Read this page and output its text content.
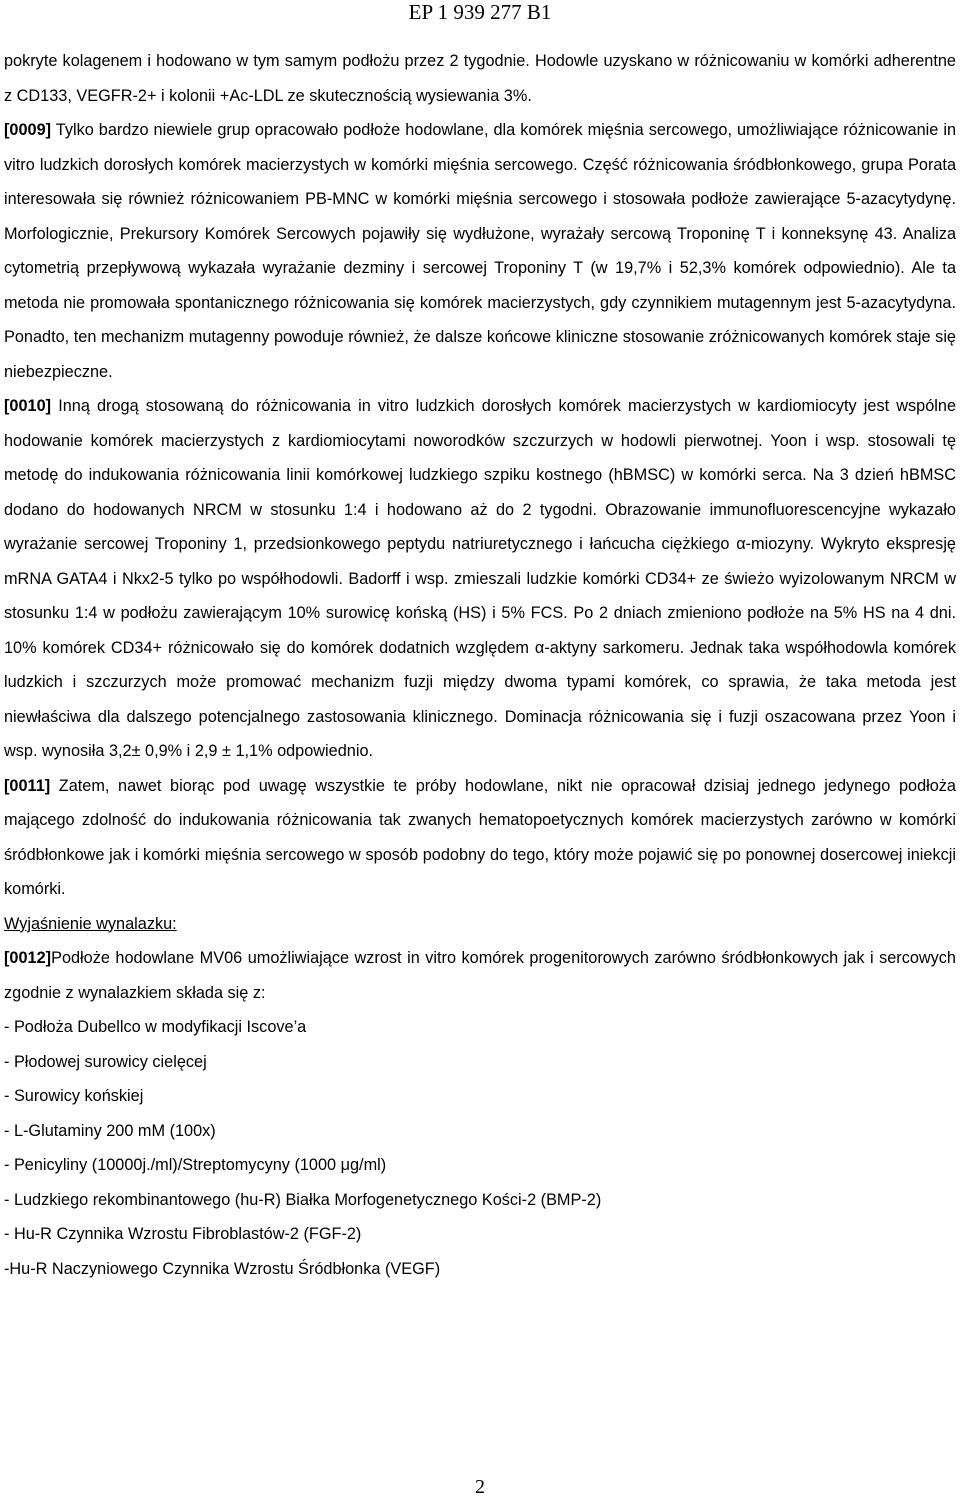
EP 1 939 277 B1

pokryte kolagenem i hodowano w tym samym podłożu przez 2 tygodnie. Hodowle uzyskano w różnicowaniu w komórki adherentne z CD133, VEGFR-2+ i kolonii +Ac-LDL ze skutecznością wysiewania 3%.

[0009] Tylko bardzo niewiele grup opracowało podłoże hodowlane, dla komórek mięśnia sercowego, umożliwiające różnicowanie in vitro ludzkich dorosłych komórek macierzystych w komórki mięśnia sercowego. Część różnicowania śródbłonkowego, grupa Porata interesowała się również różnicowaniem PB-MNC w komórki mięśnia sercowego i stosowała podłoże zawierające 5-azacytydynę. Morfologicznie, Prekursory Komórek Sercowych pojawiły się wydłużone, wyrażały sercową Troponinę T i konneksynę 43. Analiza cytometrią przepływową wykazała wyrażanie dezminy i sercowej Troponiny T (w 19,7% i 52,3% komórek odpowiednio). Ale ta metoda nie promowała spontanicznego różnicowania się komórek macierzystych, gdy czynnikiem mutagennym jest 5-azacytydyna. Ponadto, ten mechanizm mutagenny powoduje również, że dalsze końcowe kliniczne stosowanie zróżnicowanych komórek staje się niebezpieczne.

[0010] Inną drogą stosowaną do różnicowania in vitro ludzkich dorosłych komórek macierzystych w kardiomiocyty jest wspólne hodowanie komórek macierzystych z kardiomiocytami noworodków szczurzych w hodowli pierwotnej. Yoon i wsp. stosowali tę metodę do indukowania różnicowania linii komórkowej ludzkiego szpiku kostnego (hBMSC) w komórki serca. Na 3 dzień hBMSC dodano do hodowanych NRCM w stosunku 1:4 i hodowano aż do 2 tygodni. Obrazowanie immunofluorescencyjne wykazało wyrażanie sercowej Troponiny 1, przedsionkowego peptydu natriuretycznego i łańcucha ciężkiego α-miozyny. Wykryto ekspresję mRNA GATA4 i Nkx2-5 tylko po współhodowli. Badorff i wsp. zmieszali ludzkie komórki CD34+ ze świeżo wyizolowanym NRCM w stosunku 1:4 w podłożu zawierającym 10% surowicę końską (HS) i 5% FCS. Po 2 dniach zmieniono podłoże na 5% HS na 4 dni. 10% komórek CD34+ różnicowało się do komórek dodatnich względem α-aktyny sarkomeru. Jednak taka współhodowla komórek ludzkich i szczurzych może promować mechanizm fuzji między dwoma typami komórek, co sprawia, że taka metoda jest niewłaściwa dla dalszego potencjalnego zastosowania klinicznego. Dominacja różnicowania się i fuzji oszacowana przez Yoon i wsp. wynosiła 3,2± 0,9% i 2,9 ± 1,1% odpowiednio.

[0011] Zatem, nawet biorąc pod uwagę wszystkie te próby hodowlane, nikt nie opracował dzisiaj jednego jedynego podłoża mającego zdolność do indukowania różnicowania tak zwanych hematopoetycznych komórek macierzystych zarówno w komórki śródbłonkowe jak i komórki mięśnia sercowego w sposób podobny do tego, który może pojawić się po ponownej dosercowej iniekcji komórki.

Wyjaśnienie wynalazku:

[0012]Podłoże hodowlane MV06 umożliwiające wzrost in vitro komórek progenitorowych zarówno śródbłonkowych jak i sercowych zgodnie z wynalazkiem składa się z:

- Podłoża Dubellco w modyfikacji Iscove’a
- Płodowej surowicy cielęcej
- Surowicy końskiej
- L-Glutaminy 200 mM (100x)
- Penicyliny (10000j./ml)/Streptomycyny (1000 μg/ml)
- Ludzkiego rekombinantowego (hu-R) Białka Morfogenetycznego Kości-2 (BMP-2)
- Hu-R Czynnika Wzrostu Fibroblastów-2 (FGF-2)
-Hu-R Naczyniowego Czynnika Wzrostu Śródbłonka (VEGF)
2
